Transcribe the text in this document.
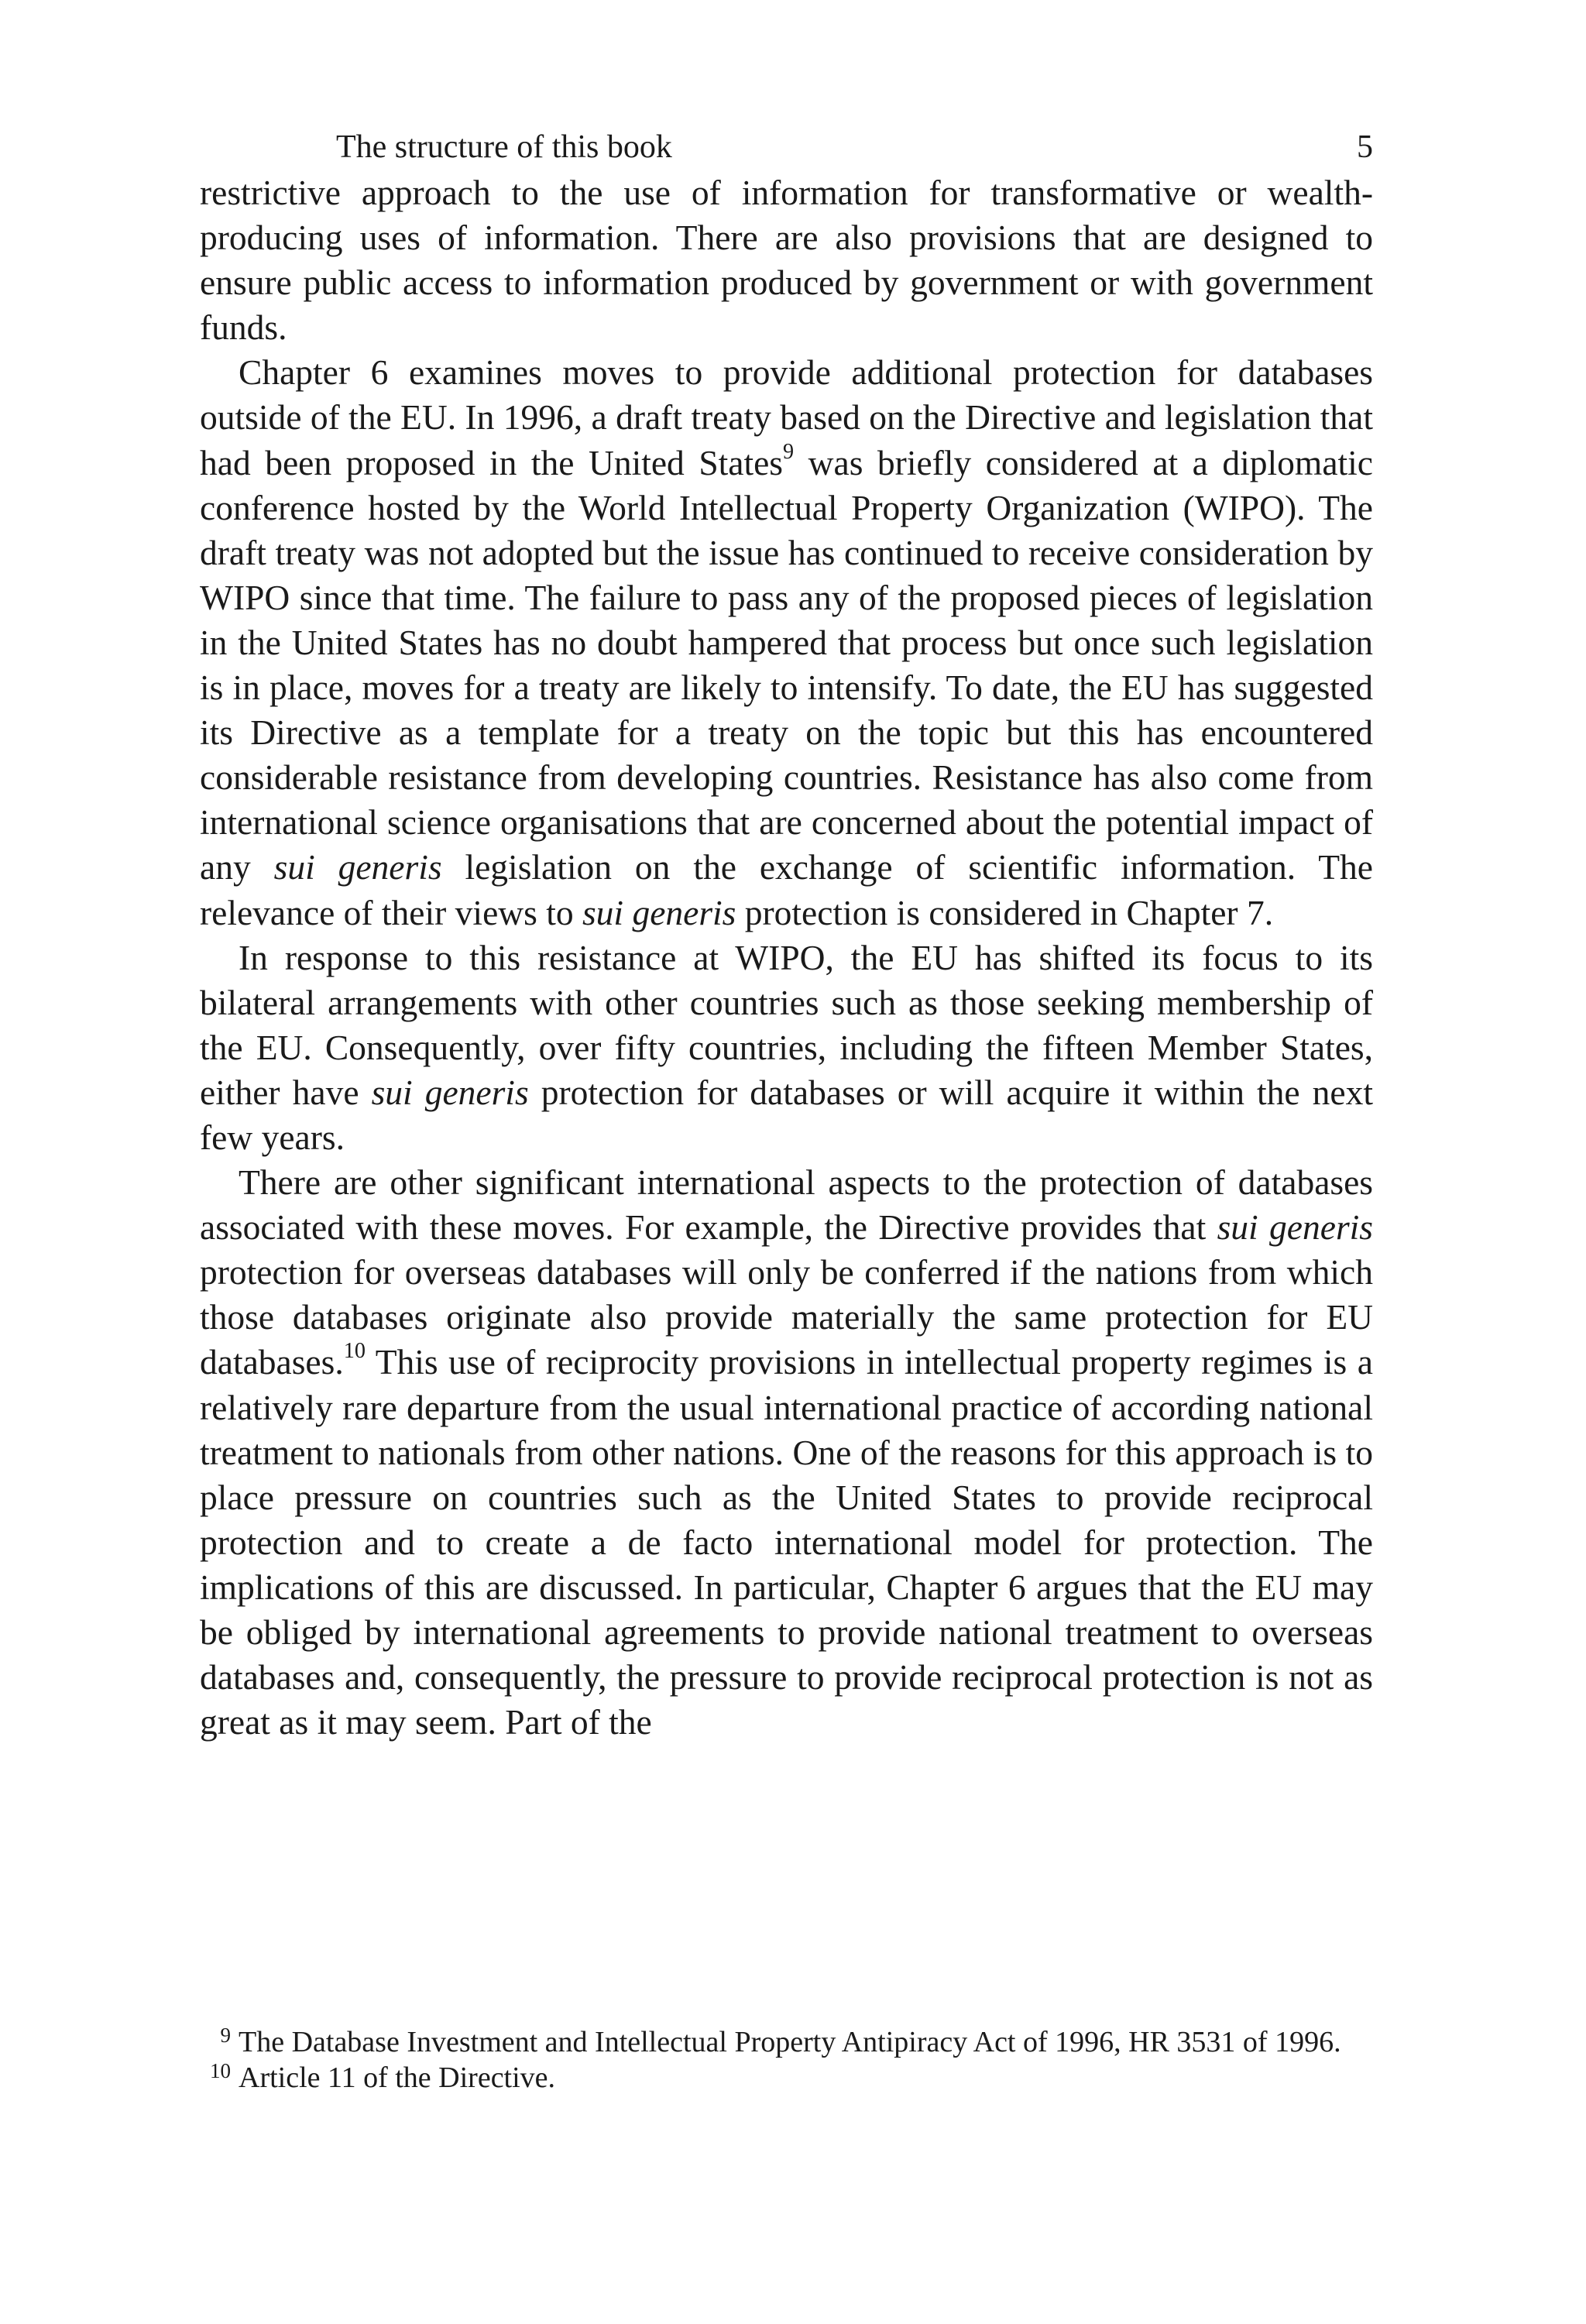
The structure of this book	5

restrictive approach to the use of information for transformative or wealth-producing uses of information. There are also provisions that are designed to ensure public access to information produced by government or with government funds.

Chapter 6 examines moves to provide additional protection for databases outside of the EU. In 1996, a draft treaty based on the Directive and legislation that had been proposed in the United States$^9$ was briefly considered at a diplomatic conference hosted by the World Intellectual Property Organization (WIPO). The draft treaty was not adopted but the issue has continued to receive consideration by WIPO since that time. The failure to pass any of the proposed pieces of legislation in the United States has no doubt hampered that process but once such legislation is in place, moves for a treaty are likely to intensify. To date, the EU has suggested its Directive as a template for a treaty on the topic but this has encountered considerable resistance from developing countries. Resistance has also come from international science organisations that are concerned about the potential impact of any sui generis legislation on the exchange of scientific information. The relevance of their views to sui generis protection is considered in Chapter 7.

In response to this resistance at WIPO, the EU has shifted its focus to its bilateral arrangements with other countries such as those seeking membership of the EU. Consequently, over fifty countries, including the fifteen Member States, either have sui generis protection for databases or will acquire it within the next few years.

There are other significant international aspects to the protection of databases associated with these moves. For example, the Directive provides that sui generis protection for overseas databases will only be conferred if the nations from which those databases originate also provide materially the same protection for EU databases.$^{10}$ This use of reciprocity provisions in intellectual property regimes is a relatively rare departure from the usual international practice of according national treatment to nationals from other nations. One of the reasons for this approach is to place pressure on countries such as the United States to provide reciprocal protection and to create a de facto international model for protection. The implications of this are discussed. In particular, Chapter 6 argues that the EU may be obliged by international agreements to provide national treatment to overseas databases and, consequently, the pressure to provide reciprocal protection is not as great as it may seem. Part of the

9 The Database Investment and Intellectual Property Antipiracy Act of 1996, HR 3531 of 1996.
10 Article 11 of the Directive.
